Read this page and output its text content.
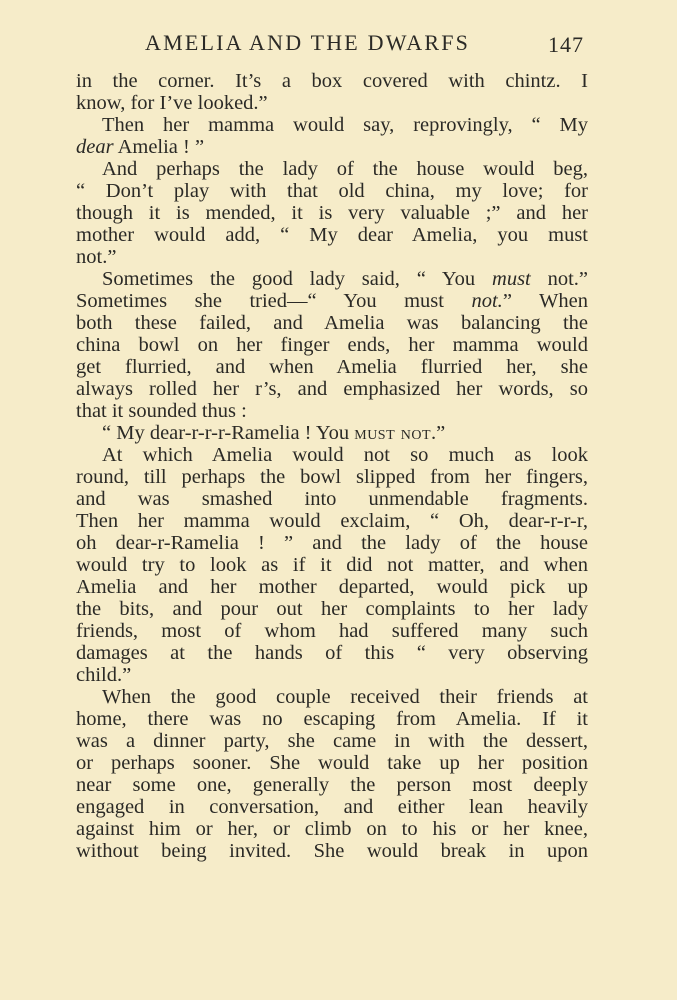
AMELIA AND THE DWARFS	147
in the corner. It’s a box covered with chintz. I
know, for I’ve looked.”
Then her mamma would say, reprovingly, “ My
dear Amelia ! ”
And perhaps the lady of the house would beg,
“ Don’t play with that old china, my love; for
though it is mended, it is very valuable ;” and her
mother would add, “ My dear Amelia, you must
not.”
Sometimes the good lady said, “ You must not.”
Sometimes she tried—“ You must not.” When
both these failed, and Amelia was balancing the
china bowl on her finger ends, her mamma would
get flurried, and when Amelia flurried her, she
always rolled her r’s, and emphasized her words, so
that it sounded thus :
“ My dear-r-r-r-Ramelia ! You must not.”
At which Amelia would not so much as look
round, till perhaps the bowl slipped from her fingers,
and was smashed into unmendable fragments.
Then her mamma would exclaim, “ Oh, dear-r-r-r,
oh dear-r-Ramelia ! ” and the lady of the house
would try to look as if it did not matter, and when
Amelia and her mother departed, would pick up
the bits, and pour out her complaints to her lady
friends, most of whom had suffered many such
damages at the hands of this “ very observing
child.”
When the good couple received their friends at
home, there was no escaping from Amelia. If it
was a dinner party, she came in with the dessert,
or perhaps sooner. She would take up her position
near some one, generally the person most deeply
engaged in conversation, and either lean heavily
against him or her, or climb on to his or her knee,
without being invited. She would break in upon
